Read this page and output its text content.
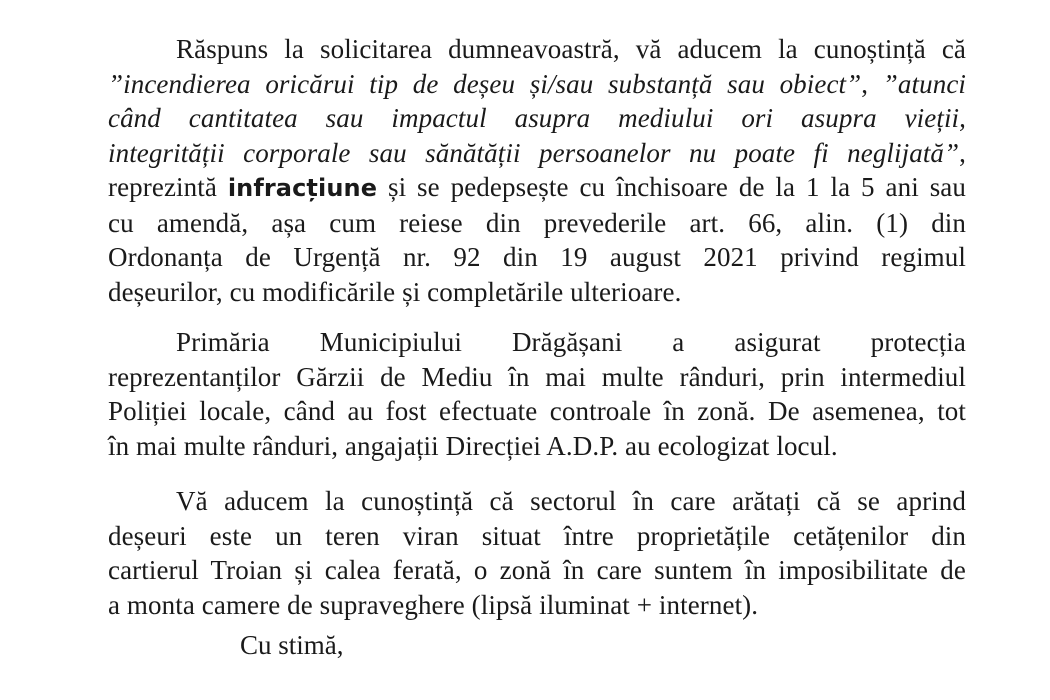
Răspuns la solicitarea dumneavoastră, vă aducem la cunoștință că
”incendierea oricărui tip de deșeu și/sau substanță sau obiect”, ”atunci
când cantitatea sau impactul asupra mediului ori asupra vieții,
integrității corporale sau sănătății persoanelor nu poate fi neglijată”,
reprezintă infracțiune și se pedepsește cu închisoare de la 1 la 5 ani sau
cu amendă, așa cum reiese din prevederile art. 66, alin. (1) din
Ordonanța de Urgență nr. 92 din 19 august 2021 privind regimul
deșeurilor, cu modificările și completările ulterioare.
Primăria Municipiului Drăgășani a asigurat protecția
reprezentanților Gărzii de Mediu în mai multe rânduri, prin intermediul
Poliției locale, când au fost efectuate controale în zonă. De asemenea, tot
în mai multe rânduri, angajații Direcției A.D.P. au ecologizat locul.
Vă aducem la cunoștință că sectorul în care arătați că se aprind
deșeuri este un teren viran situat între proprietățile cetățenilor din
cartierul Troian și calea ferată, o zonă în care suntem în imposibilitate de
a monta camere de supraveghere (lipsă iluminat + internet).

Cu stimă,
